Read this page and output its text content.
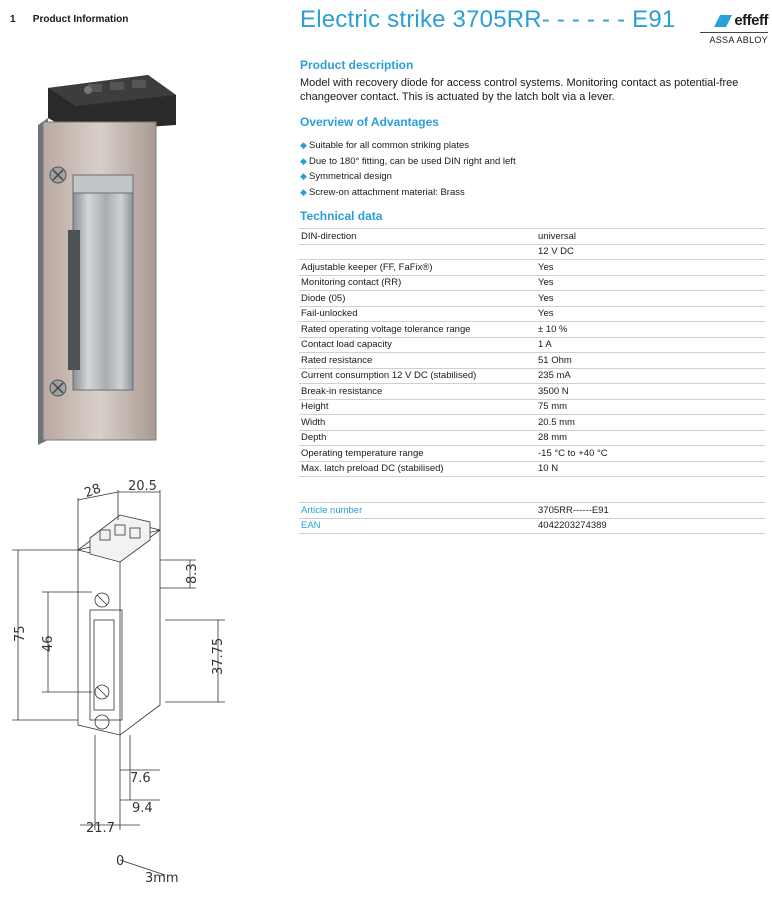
1 Product Information
28 20.5
8.3
75
46	37.75
7.6
9.4
21.7
0
3mm
Electric strike 3705RR- - - - - - E91	effeff
ASSA ABLOY
Product description
Model with recovery diode for access control systems. Monitoring contact as potential-free changeover contact. This is actuated by the latch bolt via a lever.
Overview of Advantages
◆ Suitable for all common striking plates
◆ Due to 180° fitting, can be used DIN right and left
◆ Symmetrical design
◆ Screw-on attachment material: Brass
Technical data
DIN-direction	universal
	12 V DC
Adjustable keeper (FF, FaFix®)	Yes
Monitoring contact (RR)	Yes
Diode (05)	Yes
Fail-unlocked	Yes
Rated operating voltage tolerance range	± 10 %
Contact load capacity	1 A
Rated resistance	51 Ohm
Current consumption 12 V DC (stabilised)	235 mA
Break-in resistance	3500 N
Height	75 mm
Width	20.5 mm
Depth	28 mm
Operating temperature range	-15 °C to +40 °C
Max. latch preload DC (stabilised)	10 N
Article number	3705RR------E91
EAN	4042203274389
